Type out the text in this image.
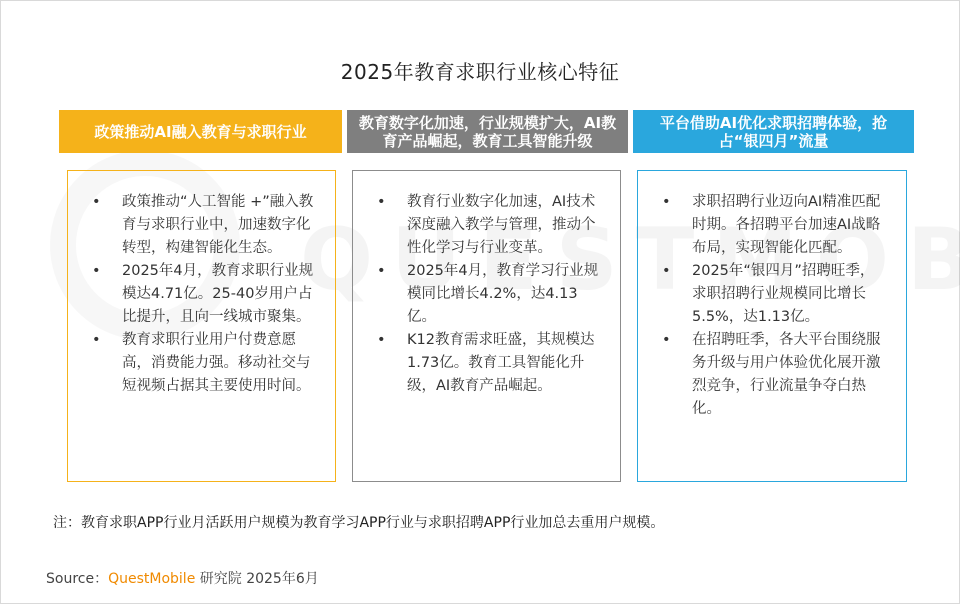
2025年教育求职行业核心特征
政策推动AI融入教育与求职行业	教育数字化加速，行业规模扩大，AI教育产品崛起，教育工具智能升级
平台借助AI优化求职招聘体验，抢占“银四月”流量
• 政策推动“人工智能 +”融入教育与求职行业中，加速数字化转型，构建智能化生态。
• 2025年4月，教育求职行业规模达4.71亿。25-40岁用户占比提升，且向一线城市聚集。
• 教育求职行业用户付费意愿高，消费能力强。移动社交与短视频占据其主要使用时间。
• 教育行业数字化加速，AI技术深度融入教学与管理，推动个性化学习与行业变革。
• 2025年4月，教育学习行业规模同比增长4.2%，达4.13亿。
• K12教育需求旺盛，其规模达1.73亿。教育工具智能化升级，AI教育产品崛起。
• 求职招聘行业迈向AI精准匹配时期。各招聘平台加速AI战略布局，实现智能化匹配。
• 2025年“银四月”招聘旺季，求职招聘行业规模同比增长5.5%，达1.13亿。
• 在招聘旺季，各大平台围绕服务升级与用户体验优化展开激烈竞争，行业流量争夺白热化。
注：教育求职APP行业月活跃用户规模为教育学习APP行业与求职招聘APP行业加总去重用户规模。
Source：QuestMobile 研究院 2025年6月
